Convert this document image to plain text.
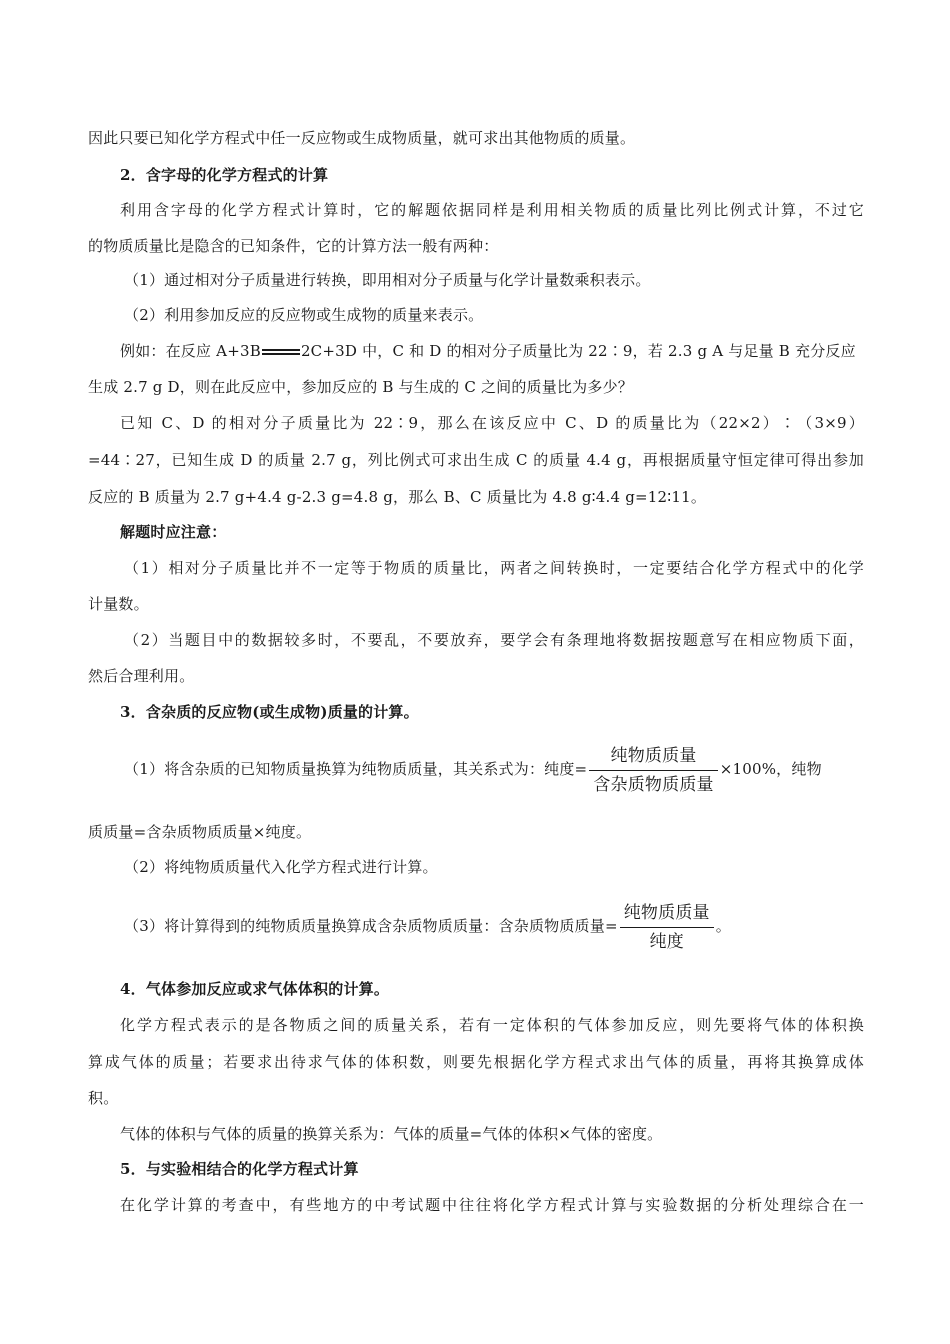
因此只要已知化学方程式中任一反应物或生成物质量，就可求出其他物质的质量。
2．含字母的化学方程式的计算
利用含字母的化学方程式计算时，它的解题依据同样是利用相关物质的质量比列比例式计算，不过它
的物质质量比是隐含的已知条件，它的计算方法一般有两种：
（1）通过相对分子质量进行转换，即用相对分子质量与化学计量数乘积表示。
（2）利用参加反应的反应物或生成物的质量来表示。
例如：在反应 A+3B	2C+3D 中，C 和 D 的相对分子质量比为 22∶9，若 2.3 g A 与足量 B 充分反应
生成 2.7 g D，则在此反应中，参加反应的 B 与生成的 C 之间的质量比为多少？
已知 C、D 的相对分子质量比为 22∶9，那么在该反应中 C、D 的质量比为（22×2）∶（3×9）
=44∶27，已知生成 D 的质量 2.7 g，列比例式可求出生成 C 的质量 4.4 g，再根据质量守恒定律可得出参加
反应的 B 质量为 2.7 g+4.4 g-2.3 g=4.8 g，那么 B、C 质量比为 4.8 g∶4.4 g=12∶11。
解题时应注意：
（1）相对分子质量比并不一定等于物质的质量比，两者之间转换时，一定要结合化学方程式中的化学
计量数。
（2）当题目中的数据较多时，不要乱，不要放弃，要学会有条理地将数据按题意写在相应物质下面，
然后合理利用。
3．含杂质的反应物(或生成物)质量的计算。
（1）将含杂质的已知物质量换算为纯物质质量，其关系式为：纯度= $\frac{\text{纯物质质量}}{\text{含杂质物质质量}} \times 100\%$，纯物
质质量=含杂质物质质量×纯度。
（2）将纯物质质量代入化学方程式进行计算。
（3）将计算得到的纯物质质量换算成含杂质物质质量：含杂质物质质量= $\frac{\text{纯物质质量}}{\text{纯度}}$ 。
4．气体参加反应或求气体体积的计算。
化学方程式表示的是各物质之间的质量关系，若有一定体积的气体参加反应，则先要将气体的体积换
算成气体的质量；若要求出待求气体的体积数，则要先根据化学方程式求出气体的质量，再将其换算成体
积。
气体的体积与气体的质量的换算关系为：气体的质量=气体的体积×气体的密度。
5．与实验相结合的化学方程式计算
在化学计算的考查中，有些地方的中考试题中往往将化学方程式计算与实验数据的分析处理综合在一
